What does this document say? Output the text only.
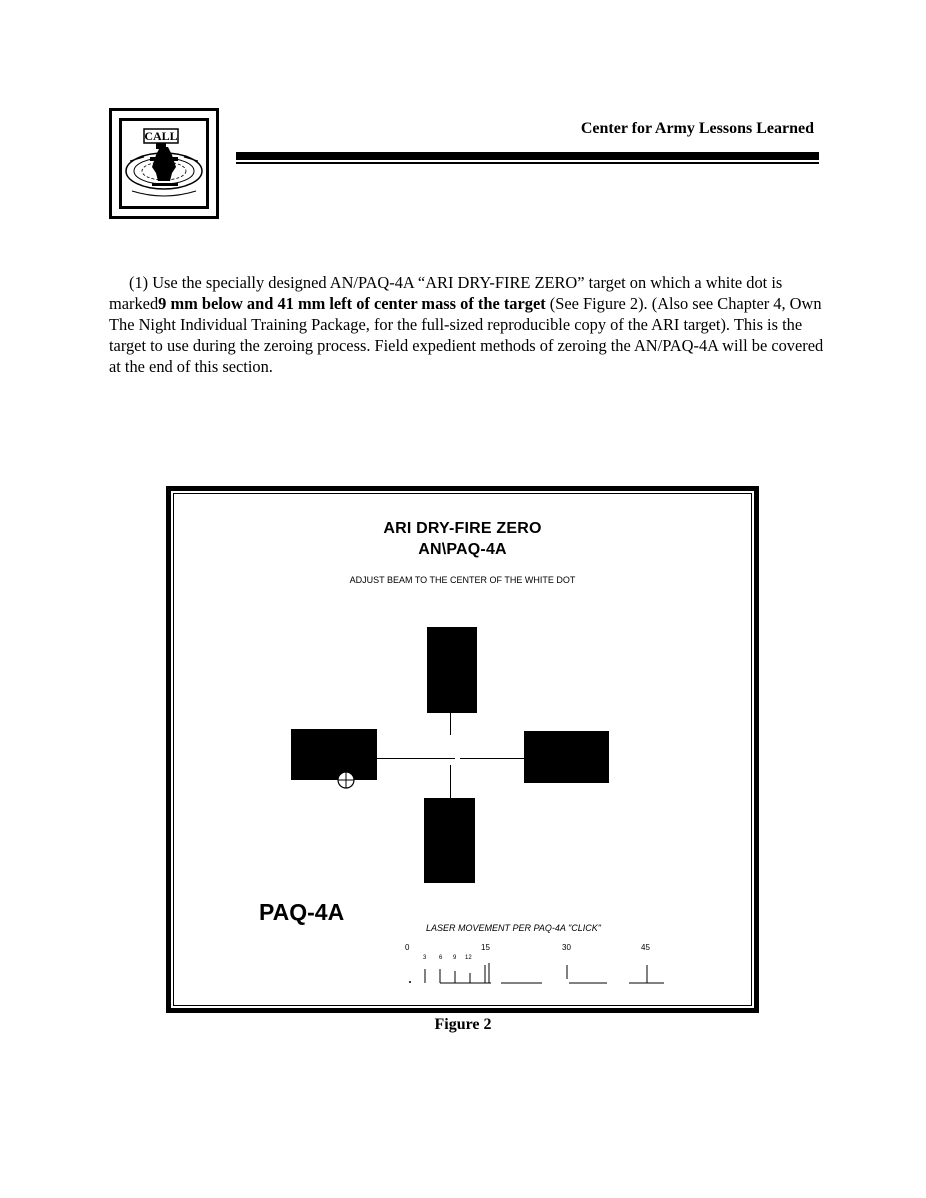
CALL	Center for Army Lessons Learned

(1) Use the specially designed AN/PAQ-4A “ARI DRY-FIRE ZERO” target on which a white dot is marked9 mm below and 41 mm left of center mass of the target (See Figure 2). (Also see Chapter 4, Own The Night Individual Training Package, for the full-sized reproducible copy of the ARI target). This is the target to use during the zeroing process. Field expedient methods of zeroing the AN/PAQ-4A will be covered at the end of this section.

ARI DRY-FIRE ZERO
AN\PAQ-4A
ADJUST BEAM TO THE CENTER OF THE WHITE DOT
PAQ-4A
LASER MOVEMENT PER PAQ-4A "CLICK"
0
3 6 9 12
15	30	45
Figure 2
